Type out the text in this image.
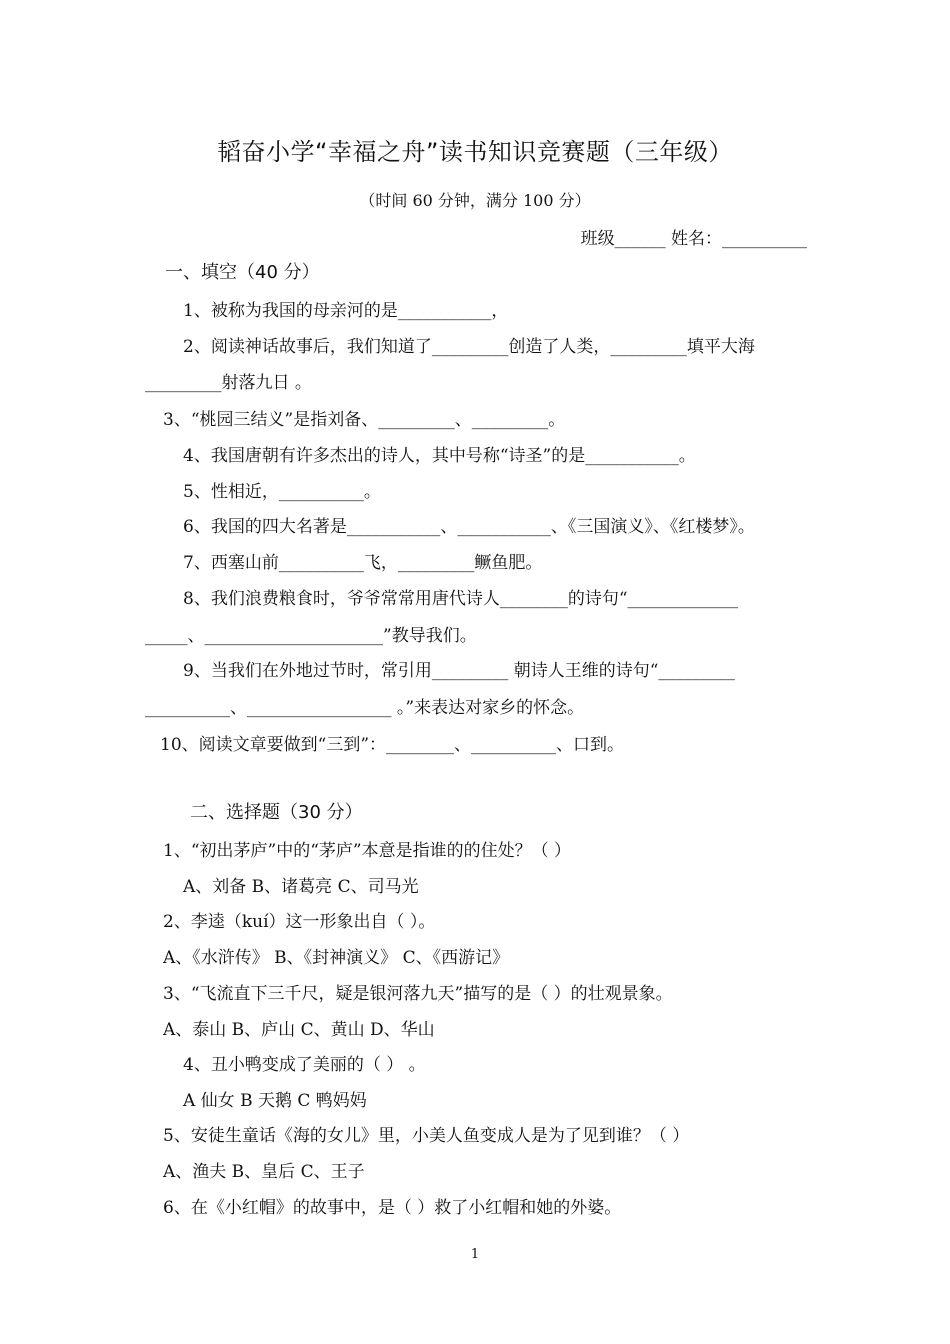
韬奋小学“幸福之舟”读书知识竞赛题（三年级）
（时间 60 分钟，满分 100 分）
班级______ 姓名：__________
一、填空（40 分）
1、被称为我国的母亲河的是___________，
2、阅读神话故事后，我们知道了_________创造了人类，_________填平大海
_________射落九日 。
3、“桃园三结义”是指刘备、_________、_________。
4、我国唐朝有许多杰出的诗人，其中号称“诗圣”的是___________。
5、性相近，__________。
6、我国的四大名著是___________、___________、《三国演义》、《红楼梦》。
7、西塞山前__________飞，_________鳜鱼肥。
8、我们浪费粮食时，爷爷常常用唐代诗人________的诗句“_____________
_____、_____________________”教导我们。
9、当我们在外地过节时，常引用_________ 朝诗人王维的诗句“_________
__________、_________________ 。”来表达对家乡的怀念。
10、阅读文章要做到“三到”：________、__________、口到。
二、选择题（30 分）
1、“初出茅庐”中的“茅庐”本意是指谁的的住处？（ ）
A、刘备 B、诸葛亮 C、司马光
2、李逵（kuí）这一形象出自（ ）。
A、《水浒传》 B、《封神演义》 C、《西游记》
3、“飞流直下三千尺，疑是银河落九天”描写的是（ ）的壮观景象。
A、泰山 B、庐山 C、黄山 D、华山
4、丑小鸭变成了美丽的（ ） 。
A 仙女 B 天鹅 C 鸭妈妈
5、安徒生童话《海的女儿》里，小美人鱼变成人是为了见到谁？（ ）
A、渔夫 B、皇后 C、王子
6、在《小红帽》的故事中，是（ ）救了小红帽和她的外婆。
1
